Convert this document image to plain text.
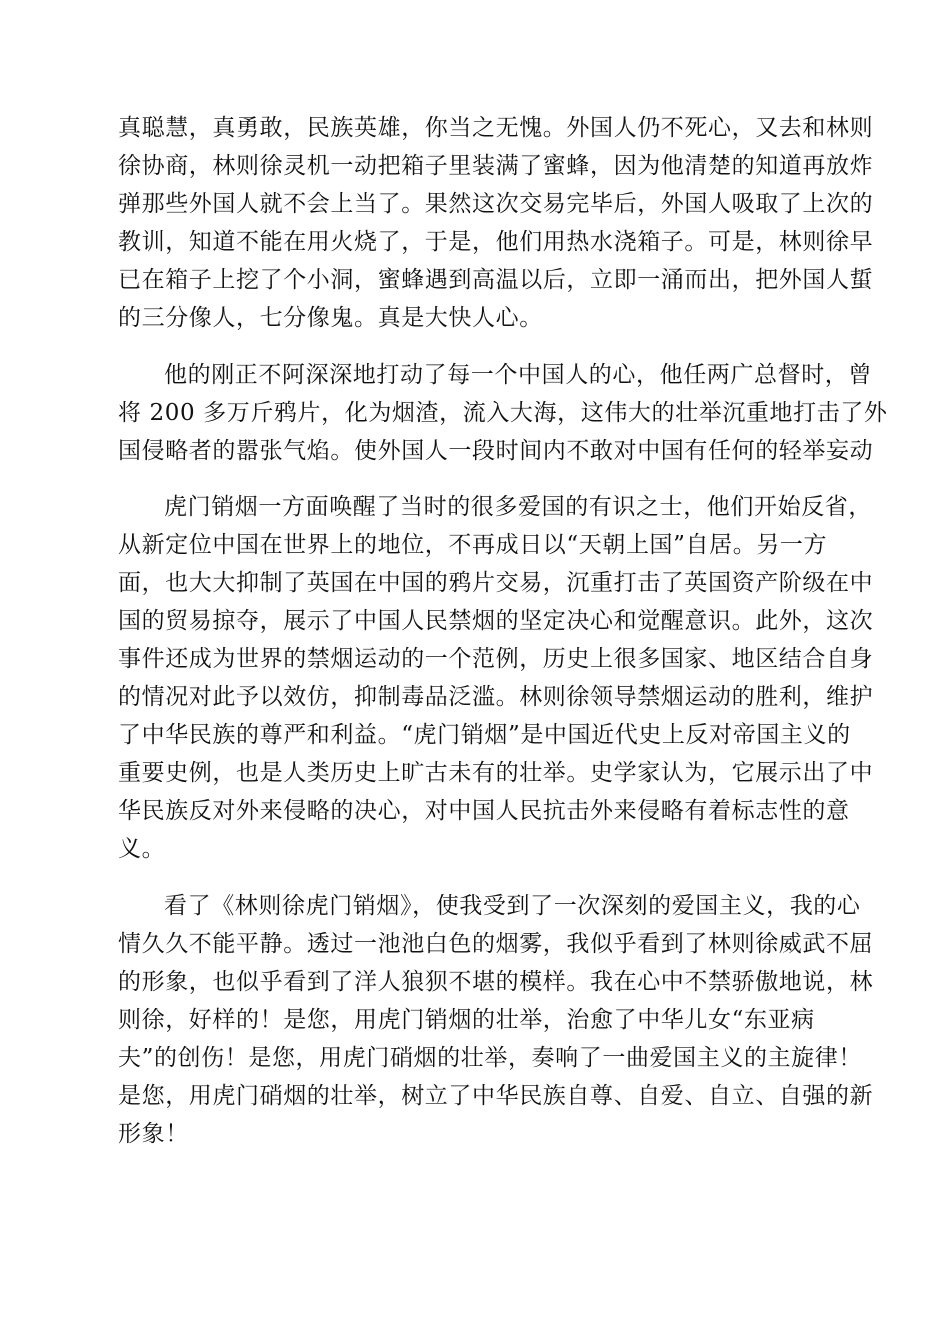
真聪慧，真勇敢，民族英雄，你当之无愧。外国人仍不死心，又去和林则
徐协商，林则徐灵机一动把箱子里装满了蜜蜂，因为他清楚的知道再放炸
弹那些外国人就不会上当了。果然这次交易完毕后，外国人吸取了上次的
教训，知道不能在用火烧了，于是，他们用热水浇箱子。可是，林则徐早
已在箱子上挖了个小洞，蜜蜂遇到高温以后，立即一涌而出，把外国人蜇
的三分像人，七分像鬼。真是大快人心。
他的刚正不阿深深地打动了每一个中国人的心，他任两广总督时，曾
将 200 多万斤鸦片，化为烟渣，流入大海，这伟大的壮举沉重地打击了外
国侵略者的嚣张气焰。使外国人一段时间内不敢对中国有任何的轻举妄动
虎门销烟一方面唤醒了当时的很多爱国的有识之士，他们开始反省，
从新定位中国在世界上的地位，不再成日以“天朝上国”自居。另一方
面，也大大抑制了英国在中国的鸦片交易，沉重打击了英国资产阶级在中
国的贸易掠夺，展示了中国人民禁烟的坚定决心和觉醒意识。此外，这次
事件还成为世界的禁烟运动的一个范例，历史上很多国家、地区结合自身
的情况对此予以效仿，抑制毒品泛滥。林则徐领导禁烟运动的胜利，维护
了中华民族的尊严和利益。“虎门销烟”是中国近代史上反对帝国主义的
重要史例，也是人类历史上旷古未有的壮举。史学家认为，它展示出了中
华民族反对外来侵略的决心，对中国人民抗击外来侵略有着标志性的意
义。
看了《林则徐虎门销烟》，使我受到了一次深刻的爱国主义，我的心
情久久不能平静。透过一池池白色的烟雾，我似乎看到了林则徐威武不屈
的形象，也似乎看到了洋人狼狈不堪的模样。我在心中不禁骄傲地说，林
则徐，好样的！是您，用虎门销烟的壮举，治愈了中华儿女“东亚病
夫”的创伤！是您，用虎门硝烟的壮举，奏响了一曲爱国主义的主旋律！
是您，用虎门硝烟的壮举，树立了中华民族自尊、自爱、自立、自强的新
形象！
